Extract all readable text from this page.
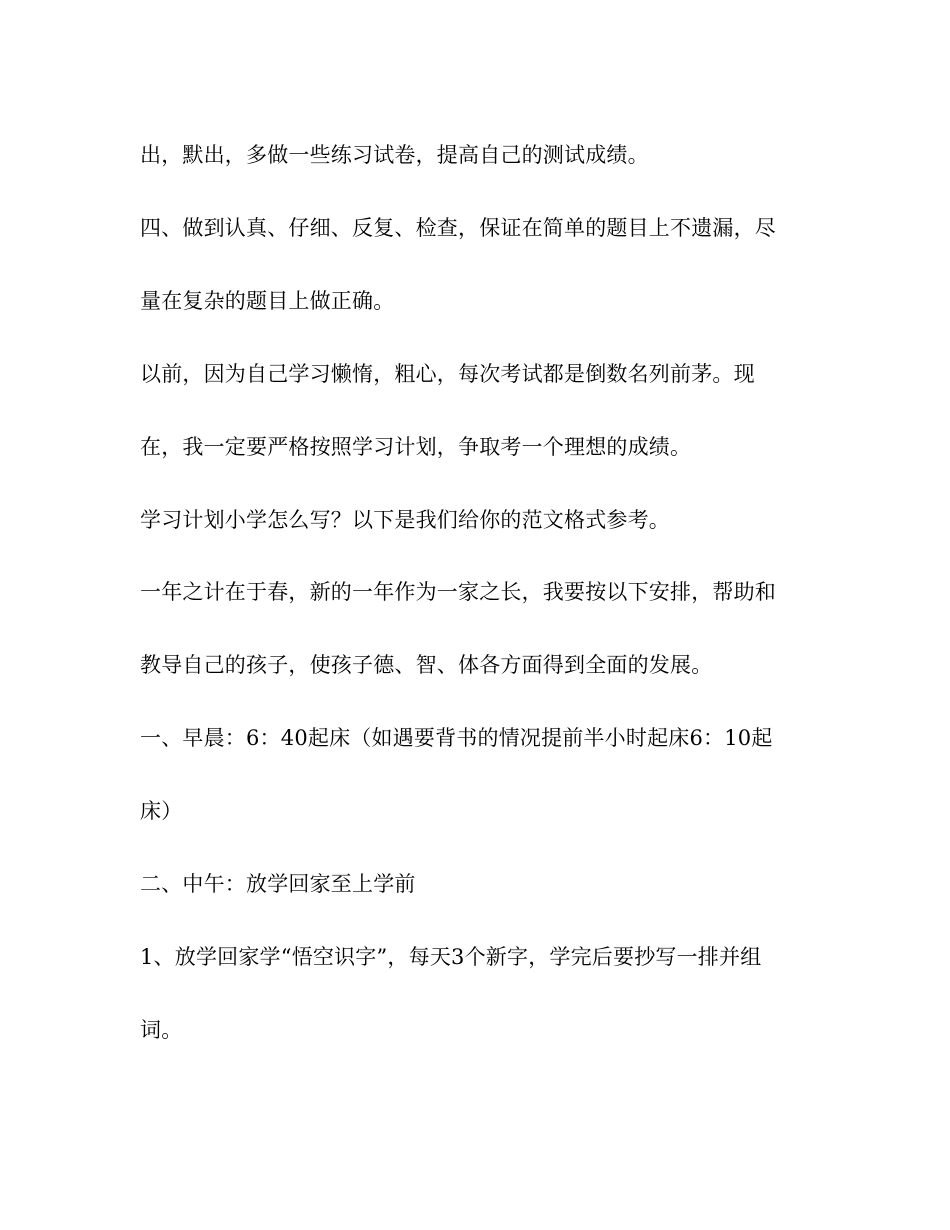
出，默出，多做一些练习试卷，提高自己的测试成绩。
四、做到认真、仔细、反复、检查，保证在简单的题目上不遗漏，尽
量在复杂的题目上做正确。
以前，因为自己学习懒惰，粗心，每次考试都是倒数名列前茅。现
在，我一定要严格按照学习计划，争取考一个理想的成绩。
学习计划小学怎么写？以下是我们给你的范文格式参考。
一年之计在于春，新的一年作为一家之长，我要按以下安排，帮助和
教导自己的孩子，使孩子德、智、体各方面得到全面的发展。
一、早晨：6：40起床（如遇要背书的情况提前半小时起床6：10起
床）
二、中午：放学回家至上学前
1、放学回家学“悟空识字”，每天3个新字，学完后要抄写一排并组
词。
